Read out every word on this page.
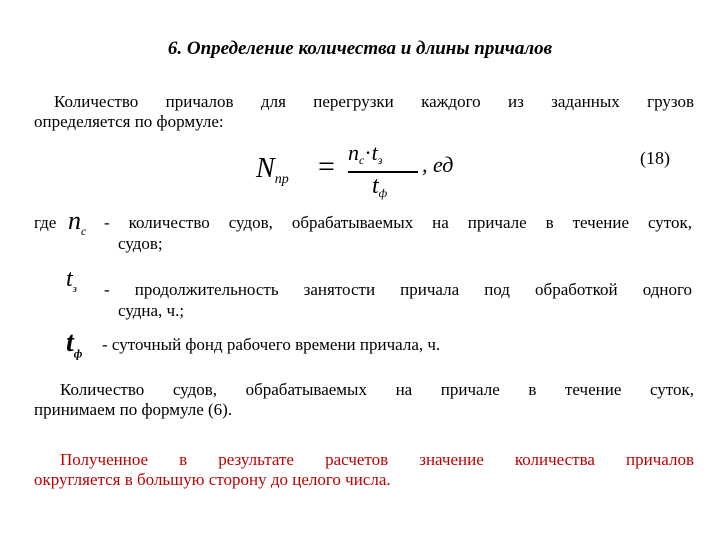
6. Определение количества и длины причалов
Количество причалов для перегрузки каждого из заданных грузов
определяется по формуле:
$N_{пр} = n_с\cdot t_з$
$t_ф$
, ед	(18)
где $n_с$ - количество судов, обрабатываемых на причале в течение суток,
судов;
$t_з$ - продолжительность занятости причала под обработкой одного
судна, ч.;
$t_ф$ - суточный фонд рабочего времени причала, ч.
Количество судов, обрабатываемых на причале в течение суток,
принимаем по формуле (6).
Полученное в результате расчетов значение количества причалов
округляется в большую сторону до целого числа.
